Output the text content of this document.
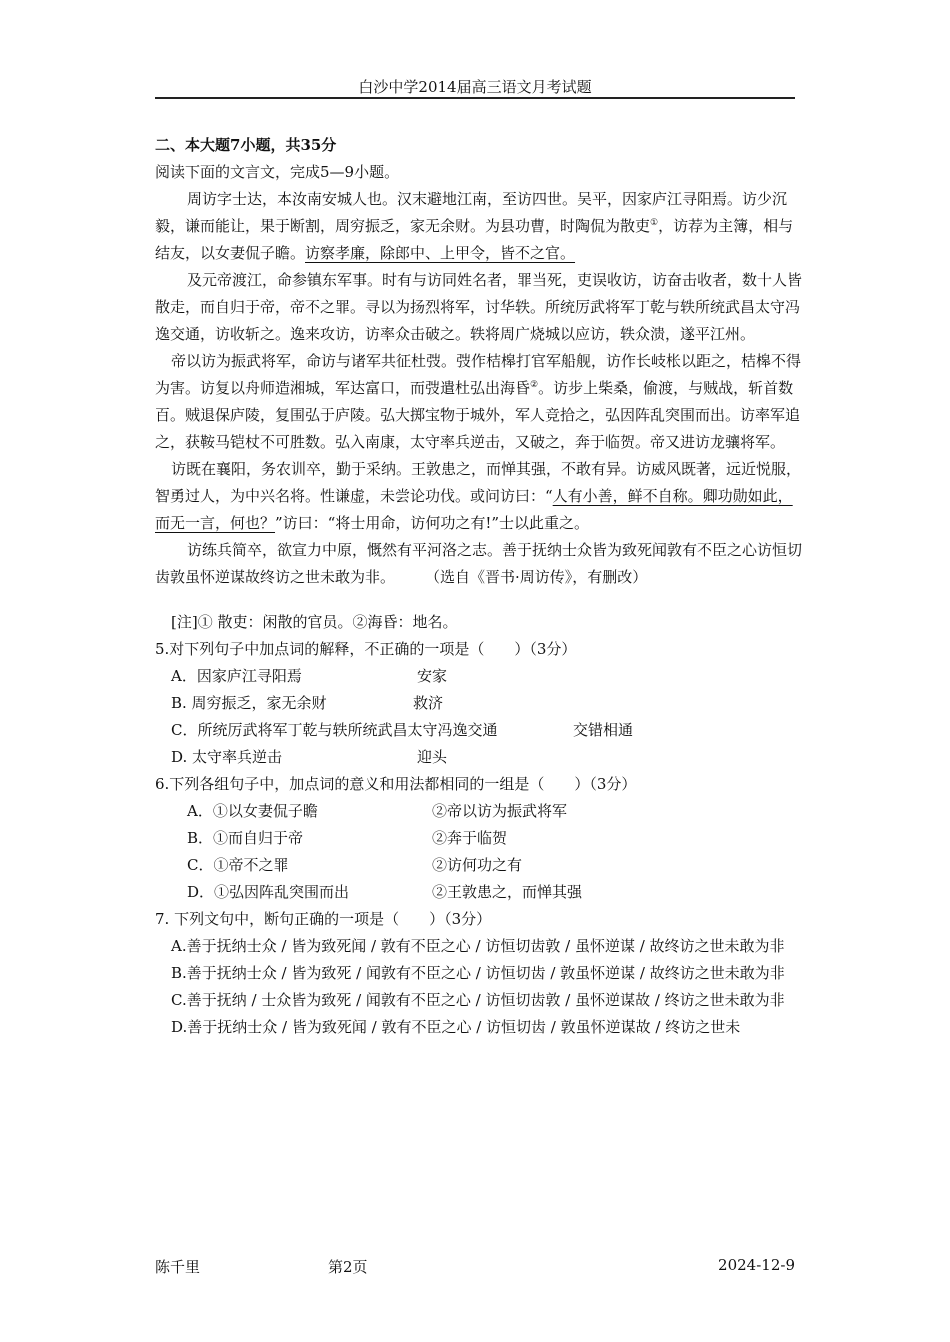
白沙中学2014届高三语文月考试题

二、本大题7小题，共35分

阅读下面的文言文，完成5—9小题。

周访字士达，本汝南安城人也。汉末避地江南，至访四世。吴平，因家庐江寻阳焉。访少沉毅，谦而能让，果于断割，周穷振乏，家无余财。为县功曹，时陶侃为散吏①，访荐为主簿，相与结友，以女妻侃子瞻。访察孝廉，除郎中、上甲令，皆不之官。

及元帝渡江，命参镇东军事。时有与访同姓名者，罪当死，吏误收访，访奋击收者，数十人皆散走，而自归于帝，帝不之罪。寻以为扬烈将军，讨华轶。所统厉武将军丁乾与轶所统武昌太守冯逸交通，访收斩之。逸来攻访，访率众击破之。轶将周广烧城以应访，轶众溃，遂平江州。

帝以访为振武将军，命访与诸军共征杜弢。弢作桔槔打官军船舰，访作长岐枨以距之，桔槔不得为害。访复以舟师造湘城，军达富口，而弢遣杜弘出海昏②。访步上柴桑，偷渡，与贼战，斩首数百。贼退保庐陵，复围弘于庐陵。弘大掷宝物于城外，军人竞拾之，弘因阵乱突围而出。访率军追之，获鞍马铠杖不可胜数。弘入南康，太守率兵逆击，又破之，奔于临贺。帝又进访龙骧将军。

访既在襄阳，务农训卒，勤于采纳。王敦患之，而惮其强，不敢有异。访威风既著，远近悦服，智勇过人，为中兴名将。性谦虚，未尝论功伐。或问访曰：“人有小善，鲜不自称。卿功勋如此，而无一言，何也？”访曰：“将士用命，访何功之有!”士以此重之。

访练兵简卒，欲宣力中原，慨然有平河洛之志。善于抚纳士众皆为致死闻敦有不臣之心访恒切齿敦虽怀逆谋故终访之世未敢为非。　　　	（选自《晋书·周访传》，有删改）

[注]① 散吏：闲散的官员。②海昏：地名。

5.对下列句子中加点词的解释，不正确的一项是（　　）（3分）

A．因家庐江寻阳焉	安家
B. 周穷振乏，家无余财	救济
C．所统厉武将军丁乾与轶所统武昌太守冯逸交通	交错相通
D. 太守率兵逆击	迎头

6.下列各组句子中，加点词的意义和用法都相同的一组是（　　）（3分）

A．①以女妻侃子瞻	②帝以访为振武将军
B．①而自归于帝	②奔于临贺
C．①帝不之罪	②访何功之有
D．①弘因阵乱突围而出	②王敦患之，而惮其强

7. 下列文句中，断句正确的一项是（　　）（3分）

A.善于抚纳士众 / 皆为致死闻 / 敦有不臣之心 / 访恒切齿敦 / 虽怀逆谋 / 故终访之世未敢为非

B.善于抚纳士众 / 皆为致死 / 闻敦有不臣之心 / 访恒切齿 / 敦虽怀逆谋 / 故终访之世未敢为非

C.善于抚纳 / 士众皆为致死 / 闻敦有不臣之心 / 访恒切齿敦 / 虽怀逆谋故 / 终访之世未敢为非

D.善于抚纳士众 / 皆为致死闻 / 敦有不臣之心 / 访恒切齿 / 敦虽怀逆谋故 / 终访之世未

陈千里	第2页	2024-12-9
